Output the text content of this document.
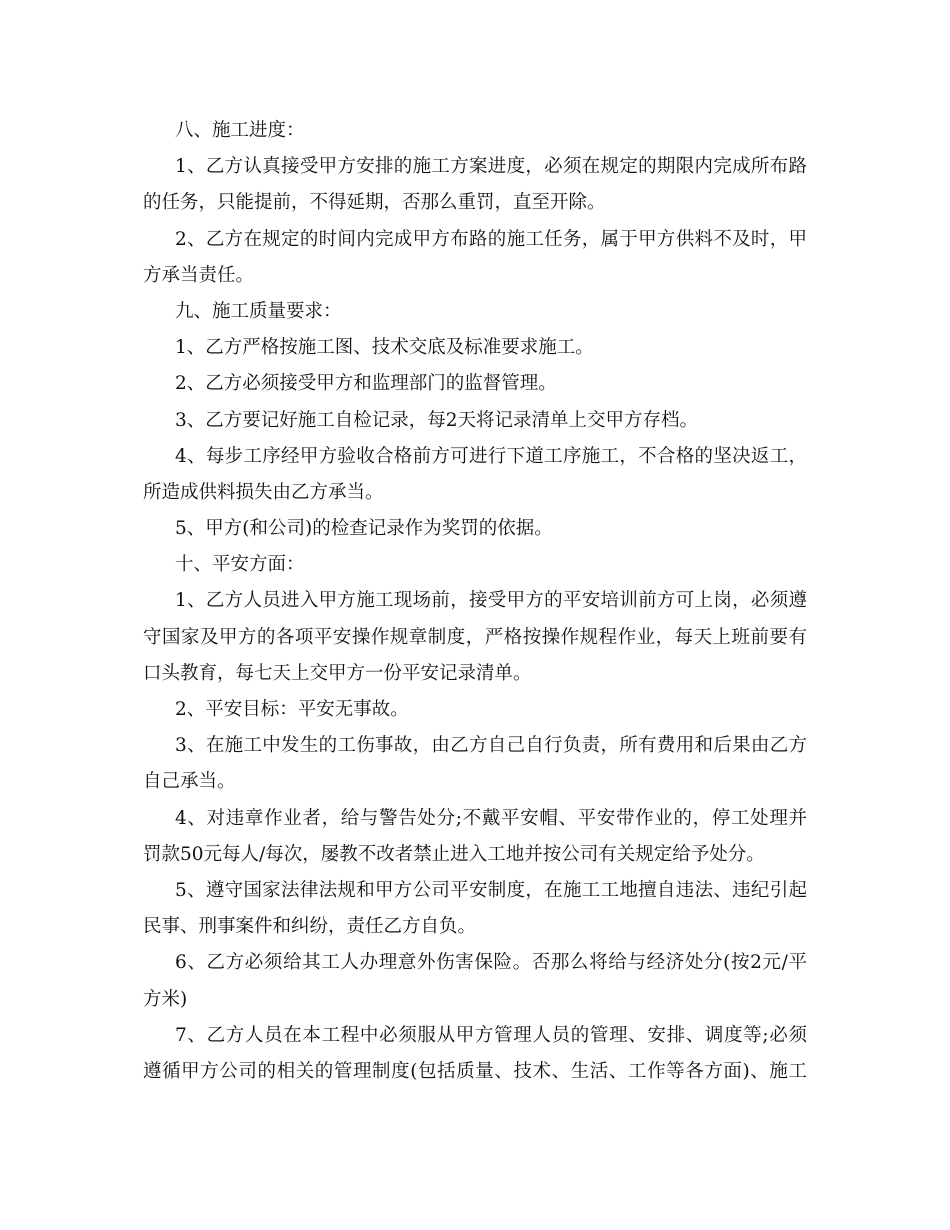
八、施工进度：
1、乙方认真接受甲方安排的施工方案进度，必须在规定的期限内完成所布路
的任务，只能提前，不得延期，否那么重罚，直至开除。
2、乙方在规定的时间内完成甲方布路的施工任务，属于甲方供料不及时，甲
方承当责任。
九、施工质量要求：
1、乙方严格按施工图、技术交底及标准要求施工。
2、乙方必须接受甲方和监理部门的监督管理。
3、乙方要记好施工自检记录，每2天将记录清单上交甲方存档。
4、每步工序经甲方验收合格前方可进行下道工序施工，不合格的坚决返工，
所造成供料损失由乙方承当。
5、甲方(和公司)的检查记录作为奖罚的依据。
十、平安方面：
1、乙方人员进入甲方施工现场前，接受甲方的平安培训前方可上岗，必须遵
守国家及甲方的各项平安操作规章制度，严格按操作规程作业，每天上班前要有
口头教育，每七天上交甲方一份平安记录清单。
2、平安目标：平安无事故。
3、在施工中发生的工伤事故，由乙方自己自行负责，所有费用和后果由乙方
自己承当。
4、对违章作业者，给与警告处分;不戴平安帽、平安带作业的，停工处理并
罚款50元每人/每次，屡教不改者禁止进入工地并按公司有关规定给予处分。
5、遵守国家法律法规和甲方公司平安制度，在施工工地擅自违法、违纪引起
民事、刑事案件和纠纷，责任乙方自负。
6、乙方必须给其工人办理意外伤害保险。否那么将给与经济处分(按2元/平
方米)
7、乙方人员在本工程中必须服从甲方管理人员的管理、安排、调度等;必须
遵循甲方公司的相关的管理制度(包括质量、技术、生活、工作等各方面)、施工
